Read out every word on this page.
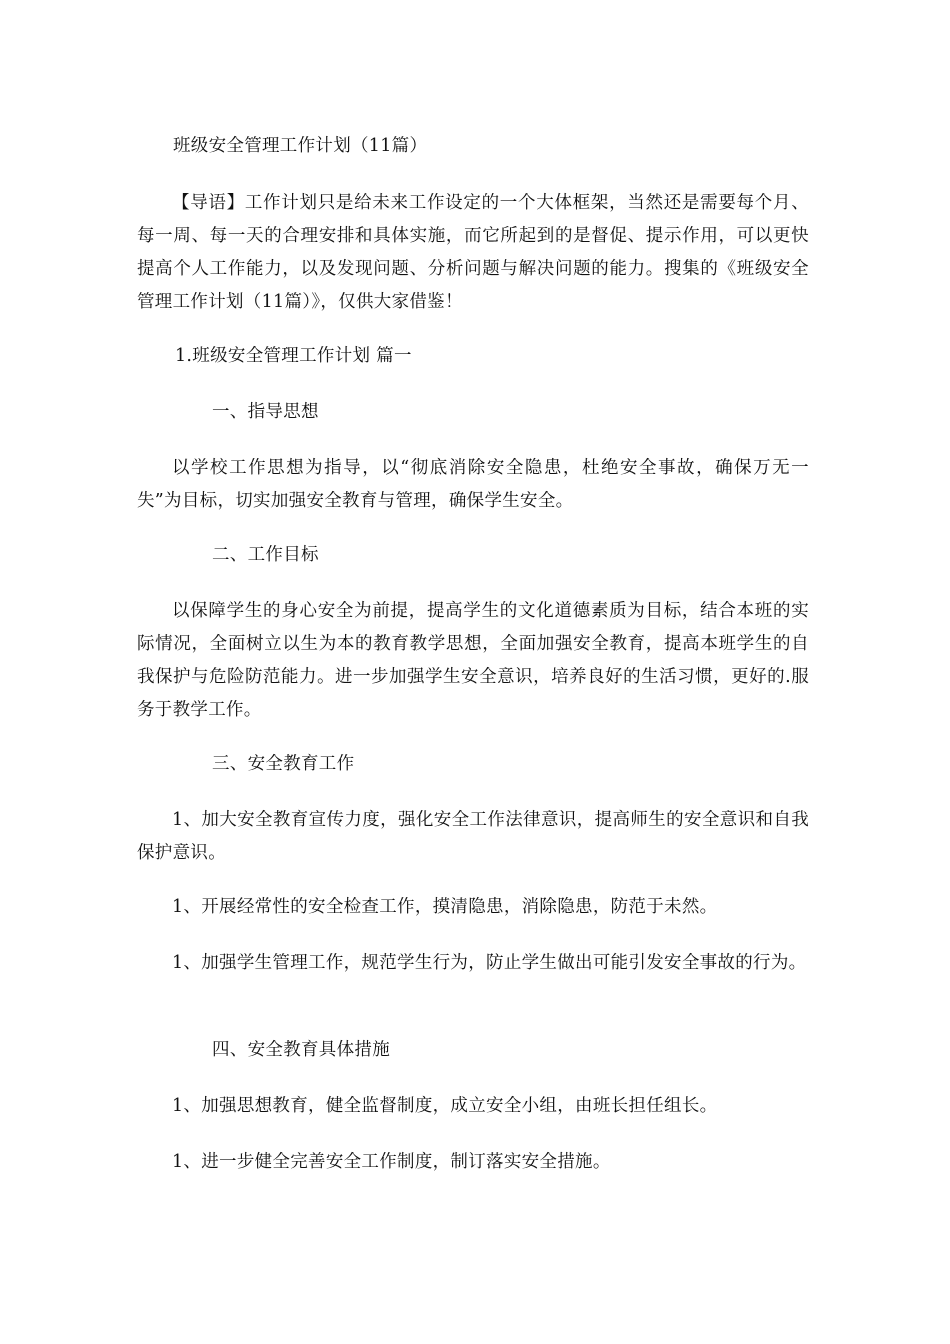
班级安全管理工作计划（11篇）
【导语】工作计划只是给未来工作设定的一个大体框架，当然还是需要每个月、每一周、每一天的合理安排和具体实施，而它所起到的是督促、提示作用，可以更快提高个人工作能力，以及发现问题、分析问题与解决问题的能力。搜集的《班级安全管理工作计划（11篇）》，仅供大家借鉴！
1.班级安全管理工作计划 篇一
一、指导思想
以学校工作思想为指导，以“彻底消除安全隐患，杜绝安全事故，确保万无一失”为目标，切实加强安全教育与管理，确保学生安全。
二、工作目标
以保障学生的身心安全为前提，提高学生的文化道德素质为目标，结合本班的实际情况，全面树立以生为本的教育教学思想，全面加强安全教育，提高本班学生的自我保护与危险防范能力。进一步加强学生安全意识，培养良好的生活习惯，更好的.服务于教学工作。
三、安全教育工作
1、加大安全教育宣传力度，强化安全工作法律意识，提高师生的安全意识和自我保护意识。
1、开展经常性的安全检查工作，摸清隐患，消除隐患，防范于未然。
1、加强学生管理工作，规范学生行为，防止学生做出可能引发安全事故的行为。
四、安全教育具体措施
1、加强思想教育，健全监督制度，成立安全小组，由班长担任组长。
1、进一步健全完善安全工作制度，制订落实安全措施。
